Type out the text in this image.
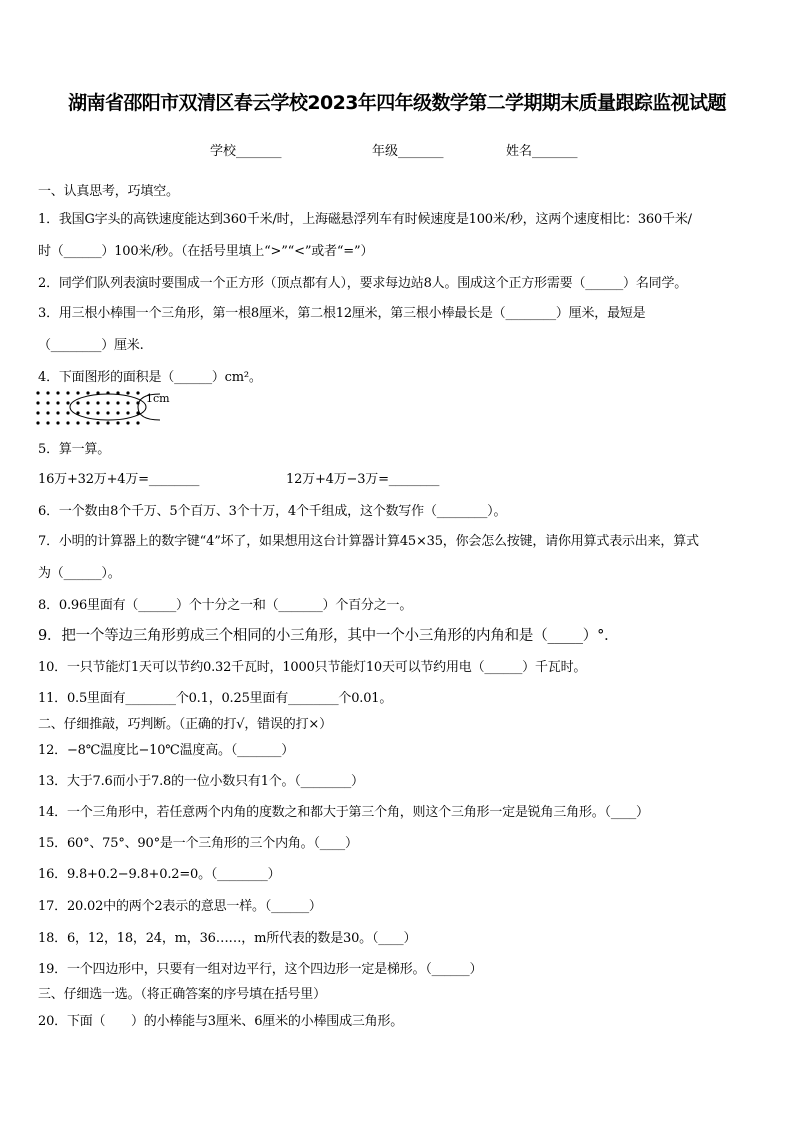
湖南省邵阳市双清区春云学校2023年四年级数学第二学期期末质量跟踪监视试题
学校_______	年级_______	姓名_______
一、认真思考，巧填空。
1．我国G字头的高铁速度能达到360千米/时，上海磁悬浮列车有时候速度是100米/秒，这两个速度相比：360千米/
时（______）100米/秒。（在括号里填上“>”“<”或者“=”）
2．同学们队列表演时要围成一个正方形（顶点都有人），要求每边站8人。围成这个正方形需要（______）名同学。
3．用三根小棒围一个三角形，第一根8厘米，第二根12厘米，第三根小棒最长是（________）厘米，最短是
（________）厘米.
4．下面图形的面积是（______）cm²。
1cm
5．算一算。
16万+32万+4万=________	12万+4万−3万=________
6．一个数由8个千万、5个百万、3个十万，4个千组成，这个数写作（________）。
7．小明的计算器上的数字键“4”坏了，如果想用这台计算器计算45×35，你会怎么按键，请你用算式表示出来，算式
为（______）。
8．0.96里面有（______）个十分之一和（_______）个百分之一。
9．把一个等边三角形剪成三个相同的小三角形，其中一个小三角形的内角和是（_____）°．
10．一只节能灯1天可以节约0.32千瓦时，1000只节能灯10天可以节约用电（______）千瓦时。
11．0.5里面有________个0.1，0.25里面有________个0.01。
二、仔细推敲，巧判断。（正确的打√，错误的打×）
12．−8℃温度比−10℃温度高。（_______）
13．大于7.6而小于7.8的一位小数只有1个。（________）
14．一个三角形中，若任意两个内角的度数之和都大于第三个角，则这个三角形一定是锐角三角形。（____）
15．60°、75°、90°是一个三角形的三个内角。（____）
16．9.8+0.2−9.8+0.2=0。（________）
17．20.02中的两个2表示的意思一样。（______）
18．6，12，18，24，m，36……，m所代表的数是30。（____）
19．一个四边形中，只要有一组对边平行，这个四边形一定是梯形。（______）
三、仔细选一选。（将正确答案的序号填在括号里）
20．下面（　　）的小棒能与3厘米、6厘米的小棒围成三角形。
